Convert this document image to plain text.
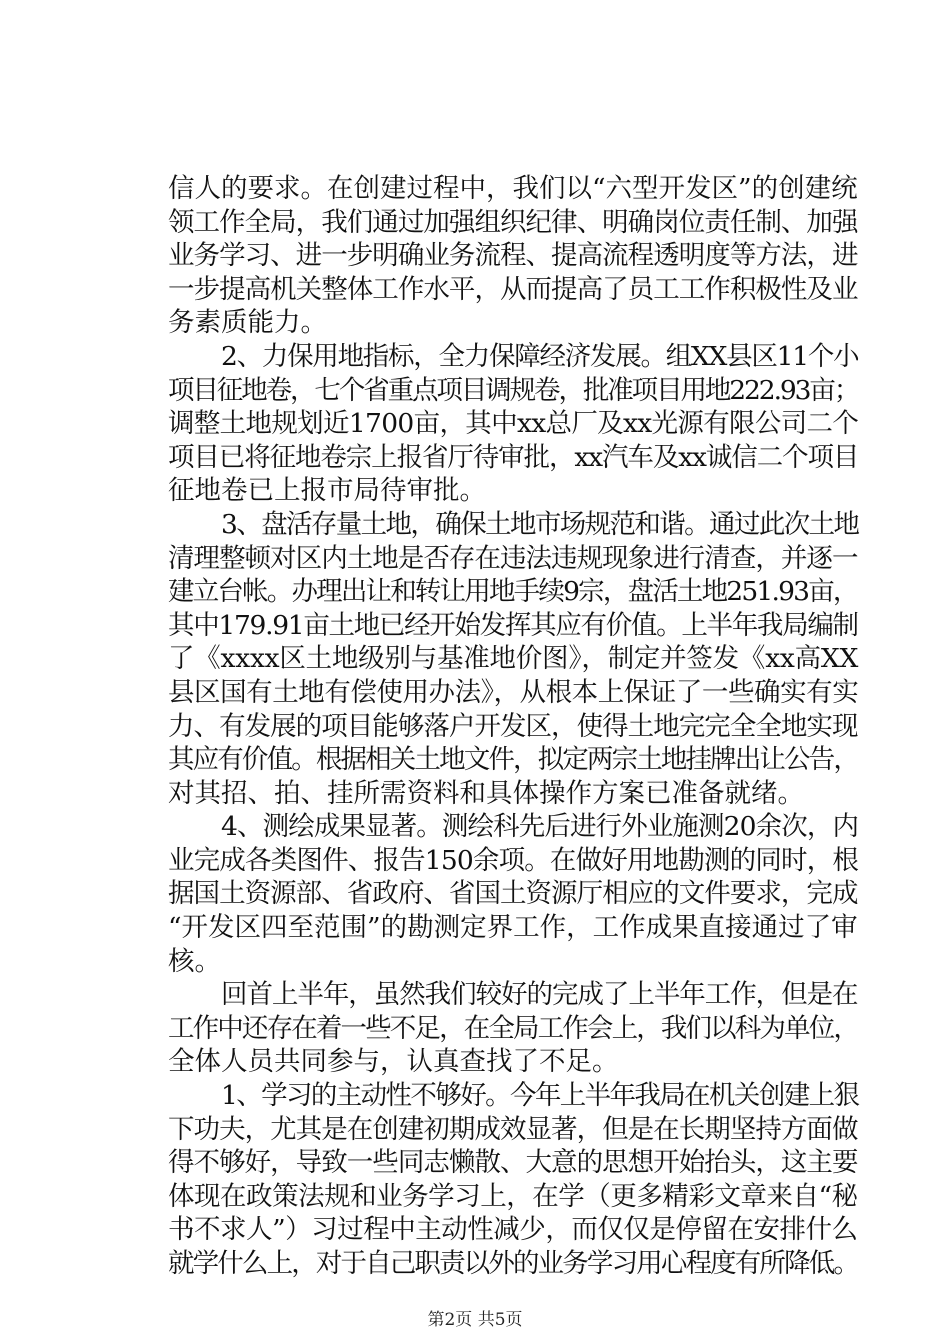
信人的要求。在创建过程中，我们以“六型开发区”的创建统
领工作全局，我们通过加强组织纪律、明确岗位责任制、加强
业务学习、进一步明确业务流程、提高流程透明度等方法，进
一步提高机关整体工作水平，从而提高了员工工作积极性及业
务素质能力。
2、力保用地指标，全力保障经济发展。组XX县区11个小
项目征地卷，七个省重点项目调规卷，批准项目用地222.93亩；
调整土地规划近1700亩，其中xx总厂及xx光源有限公司二个
项目已将征地卷宗上报省厅待审批，xx汽车及xx诚信二个项目
征地卷已上报市局待审批。
3、盘活存量土地，确保土地市场规范和谐。通过此次土地
清理整顿对区内土地是否存在违法违规现象进行清查，并逐一
建立台帐。办理出让和转让用地手续9宗，盘活土地251.93亩，
其中179.91亩土地已经开始发挥其应有价值。上半年我局编制
了《xxxx区土地级别与基准地价图》，制定并签发《xx高XX
县区国有土地有偿使用办法》，从根本上保证了一些确实有实
力、有发展的项目能够落户开发区，使得土地完完全全地实现
其应有价值。根据相关土地文件，拟定两宗土地挂牌出让公告，
对其招、拍、挂所需资料和具体操作方案已准备就绪。
4、测绘成果显著。测绘科先后进行外业施测20余次，内
业完成各类图件、报告150余项。在做好用地勘测的同时，根
据国土资源部、省政府、省国土资源厅相应的文件要求，完成
“开发区四至范围”的勘测定界工作，工作成果直接通过了审
核。
回首上半年，虽然我们较好的完成了上半年工作，但是在
工作中还存在着一些不足，在全局工作会上，我们以科为单位，
全体人员共同参与，认真查找了不足。
1、学习的主动性不够好。今年上半年我局在机关创建上狠
下功夫，尤其是在创建初期成效显著，但是在长期坚持方面做
得不够好，导致一些同志懒散、大意的思想开始抬头，这主要
体现在政策法规和业务学习上，在学（更多精彩文章来自“秘
书不求人”）习过程中主动性减少，而仅仅是停留在安排什么
就学什么上，对于自己职责以外的业务学习用心程度有所降低。
第2页 共5页
